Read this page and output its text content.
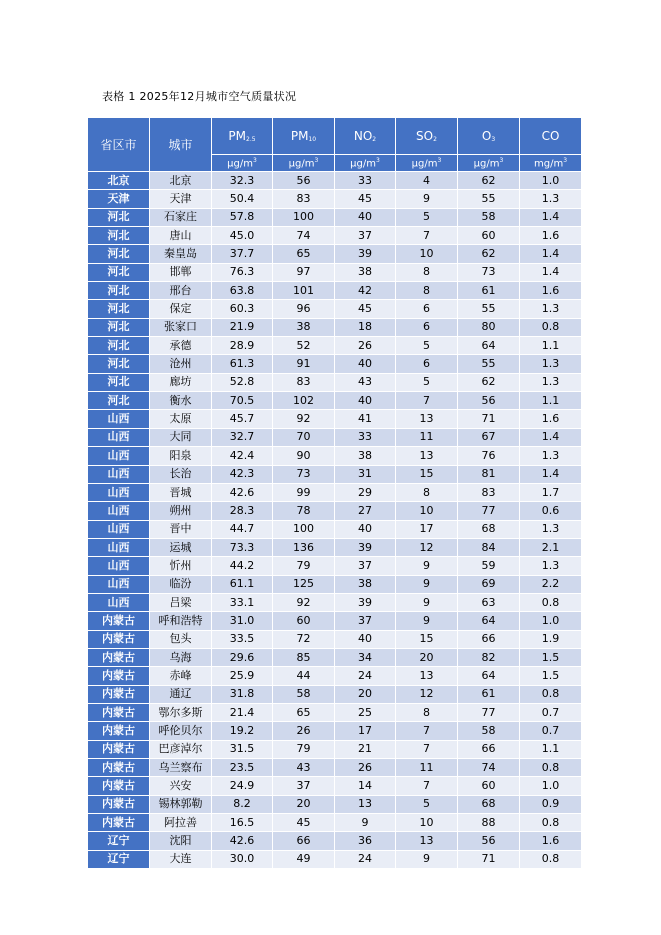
表格 1 2025年12月城市空气质量状况
省区市	城市	$PM_{2.5}$	$PM_{10}$	$NO_2$	$SO_2$	$O_3$	CO
		$\mu g/m^3$	$\mu g/m^3$	$\mu g/m^3$	$\mu g/m^3$	$\mu g/m^3$	$mg/m^3$
北京	北京	32.3	56	33	4	62	1.0
天津	天津	50.4	83	45	9	55	1.3
河北	石家庄	57.8	100	40	5	58	1.4
河北	唐山	45.0	74	37	7	60	1.6
河北	秦皇岛	37.7	65	39	10	62	1.4
河北	邯郸	76.3	97	38	8	73	1.4
河北	邢台	63.8	101	42	8	61	1.6
河北	保定	60.3	96	45	6	55	1.3
河北	张家口	21.9	38	18	6	80	0.8
河北	承德	28.9	52	26	5	64	1.1
河北	沧州	61.3	91	40	6	55	1.3
河北	廊坊	52.8	83	43	5	62	1.3
河北	衡水	70.5	102	40	7	56	1.1
山西	太原	45.7	92	41	13	71	1.6
山西	大同	32.7	70	33	11	67	1.4
山西	阳泉	42.4	90	38	13	76	1.3
山西	长治	42.3	73	31	15	81	1.4
山西	晋城	42.6	99	29	8	83	1.7
山西	朔州	28.3	78	27	10	77	0.6
山西	晋中	44.7	100	40	17	68	1.3
山西	运城	73.3	136	39	12	84	2.1
山西	忻州	44.2	79	37	9	59	1.3
山西	临汾	61.1	125	38	9	69	2.2
山西	吕梁	33.1	92	39	9	63	0.8
内蒙古	呼和浩特	31.0	60	37	9	64	1.0
内蒙古	包头	33.5	72	40	15	66	1.9
内蒙古	乌海	29.6	85	34	20	82	1.5
内蒙古	赤峰	25.9	44	24	13	64	1.5
内蒙古	通辽	31.8	58	20	12	61	0.8
内蒙古	鄂尔多斯	21.4	65	25	8	77	0.7
内蒙古	呼伦贝尔	19.2	26	17	7	58	0.7
内蒙古	巴彦淖尔	31.5	79	21	7	66	1.1
内蒙古	乌兰察布	23.5	43	26	11	74	0.8
内蒙古	兴安	24.9	37	14	7	60	1.0
内蒙古	锡林郭勒	8.2	20	13	5	68	0.9
内蒙古	阿拉善	16.5	45	9	10	88	0.8
辽宁	沈阳	42.6	66	36	13	56	1.6
辽宁	大连	30.0	49	24	9	71	0.8
